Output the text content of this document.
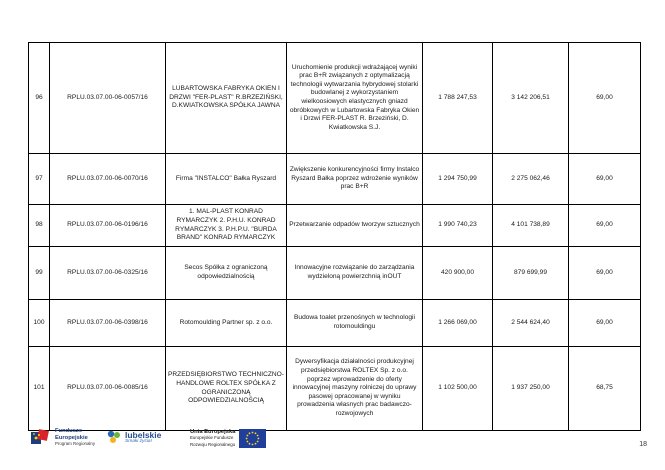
96	RPLU.03.07.00-06-0057/16	LUBARTOWSKA FABRYKA OKIEN I DRZWI "FER-PLAST" R.BRZEZIŃSKI, D.KWIATKOWSKA SPÓŁKA JAWNA	Uruchomienie produkcji wdrażającej wyniki prac B+R związanych z optymalizacją technologii wytwarzania hybrydowej stolarki budowlanej z wykorzystaniem wielkoosiowych elastycznych gniazd obróbkowych w Lubartowska Fabryka Okien i Drzwi FER-PLAST R. Brzeziński, D. Kwiatkowska S.J.	1 788 247,53	3 142 206,51	69,00
97	RPLU.03.07.00-06-0070/16	Firma "INSTALCO" Bałka Ryszard	Zwiększenie konkurencyjności firmy Instalco Ryszard Bałka poprzez wdrożenie wyników prac B+R	1 294 750,99	2 275 062,46	69,00
98	RPLU.03.07.00-06-0196/16	1. MAL-PLAST KONRAD RYMARCZYK 2. P.H.U. KONRAD RYMARCZYK 3. P.H.P.U. "BURDA BRAND" KONRAD RYMARCZYK	Przetwarzanie odpadów tworzyw sztucznych	1 990 740,23	4 101 738,89	69,00
99	RPLU.03.07.00-06-0325/16	Secos Spółka z ograniczoną odpowiedzialnością	Innowacyjne rozwiązanie do zarządzania wydzieloną powierzchnią inOUT	420 900,00	879 699,99	69,00
100	RPLU.03.07.00-06-0398/16	Rotomoulding Partner sp. z o.o.	Budowa toalet przenośnych w technologii rotomouldingu	1 266 069,00	2 544 624,40	69,00
101	RPLU.03.07.00-06-0085/16	PRZEDSIĘBIORSTWO TECHNICZNO-HANDLOWE ROLTEX SPÓŁKA Z OGRANICZONĄ ODPOWIEDZIALNOŚCIĄ	Dywersyfikacja działalności produkcyjnej przedsiębiorstwa ROLTEX Sp. z o.o. poprzez wprowadzenie do oferty innowacyjnej maszyny rolniczej do uprawy pasowej opracowanej w wyniku prowadzenia własnych prac badawczo-rozwojowych	1 102 500,00	1 937 250,00	68,75
Fundusze
Europejskie
Program Regionalny
lubelskie
Smaki życia!
Unia Europejska
Europejskie Fundusze
Rozwoju Regionalnego	18
